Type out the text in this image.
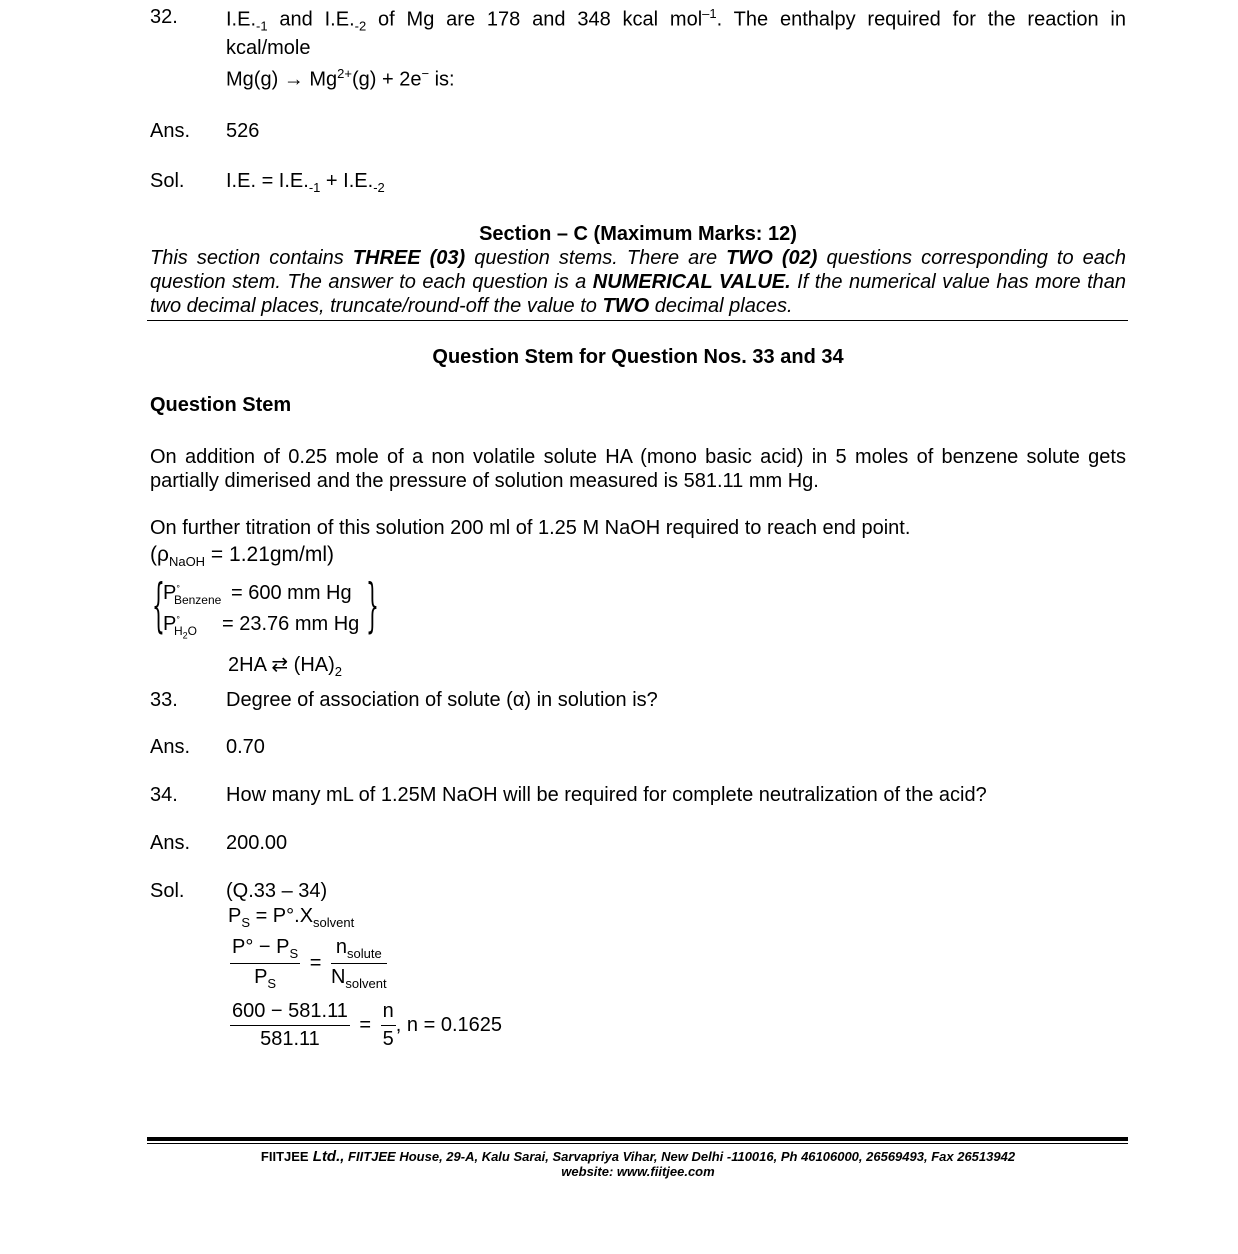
32. $I.E._{-1}$ and $I.E._{-2}$ of Mg are 178 and 348 kcal mol$^{-1}$. The enthalpy required for the reaction in
kcal/mole
$Mg(g) \to Mg^{2+}(g) + 2e^-$ is:
Ans. 526
Sol. I.E. = $I.E._{-1} + I.E._{-2}$
Section – C (Maximum Marks: 12)
This section contains THREE (03) question stems. There are TWO (02) questions corresponding to each question stem. The answer to each question is a NUMERICAL VALUE. If the numerical value has more than two decimal places, truncate/round-off the value to TWO decimal places.
Question Stem for Question Nos. 33 and 34
Question Stem
On addition of 0.25 mole of a non volatile solute HA (mono basic acid) in 5 moles of benzene solute gets partially dimerised and the pressure of solution measured is 581.11 mm Hg.
On further titration of this solution 200 ml of 1.25 M NaOH required to reach end point.
$(\rho_{NaOH} = 1.21gm/ml)$
{	}
$P^\circ_{Benzene} = 600$ mm Hg
$P^\circ_{H_2O} = 23.76$ mm Hg
2HA ⇄ $(HA)_2$
33. Degree of association of solute (α) in solution is?
Ans. 0.70
34. How many mL of 1.25M NaOH will be required for complete neutralization of the acid?
Ans. 200.00
Sol. (Q.33 – 34)
$P_S = P^\circ.X_{solvent}$
$\frac{P^\circ - P_S}{P_S} = \frac{n_{solute}}{N_{solvent}}$
$\frac{600 - 581.11}{581.11} = \frac{n}{5}$ , n = 0.1625
FIITJEE Ltd., FIITJEE House, 29-A, Kalu Sarai, Sarvapriya Vihar, New Delhi -110016, Ph 46106000, 26569493, Fax 26513942
website: www.fiitjee.com
